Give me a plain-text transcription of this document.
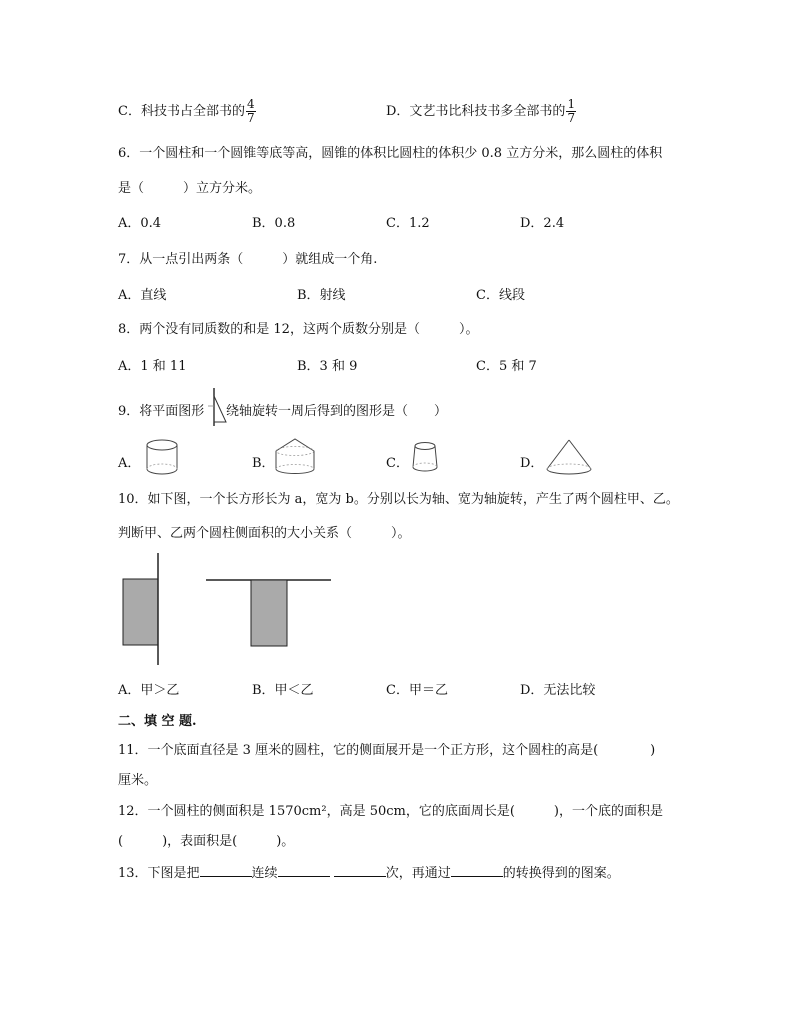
C．科技书占全部书的 $\frac{4}{7}$	D．文艺书比科技书多全部书的 $\frac{1}{7}$
6．一个圆柱和一个圆锥等底等高，圆锥的体积比圆柱的体积少 0.8 立方分米，那么圆柱的体积
是（　　　）立方分米。
A．0.4	B．0.8	C．1.2	D．2.4
7．从一点引出两条（　　　）就组成一个角.
A．直线	B．射线	C．线段
8．两个没有同质数的和是 12，这两个质数分别是（　　　）。
A．1 和 11	B．3 和 9	C．5 和 7
9．将平面图形 绕轴旋转一周后得到的图形是（　　）
A．	B．	C．	D．
10．如下图，一个长方形长为 a，宽为 b。分别以长为轴、宽为轴旋转，产生了两个圆柱甲、乙。
判断甲、乙两个圆柱侧面积的大小关系（　　　）。
A．甲＞乙	B．甲＜乙	C．甲＝乙	D．无法比较
二、填 空 题.
11．一个底面直径是 3 厘米的圆柱，它的侧面展开是一个正方形，这个圆柱的高是(　　　　)
厘米。
12．一个圆柱的侧面积是 1570cm²，高是 50cm，它的底面周长是(　　　)，一个底的面积是
(　　　)，表面积是(　　　)。
13．下图是把	连续	次，再通过	的转换得到的图案。
